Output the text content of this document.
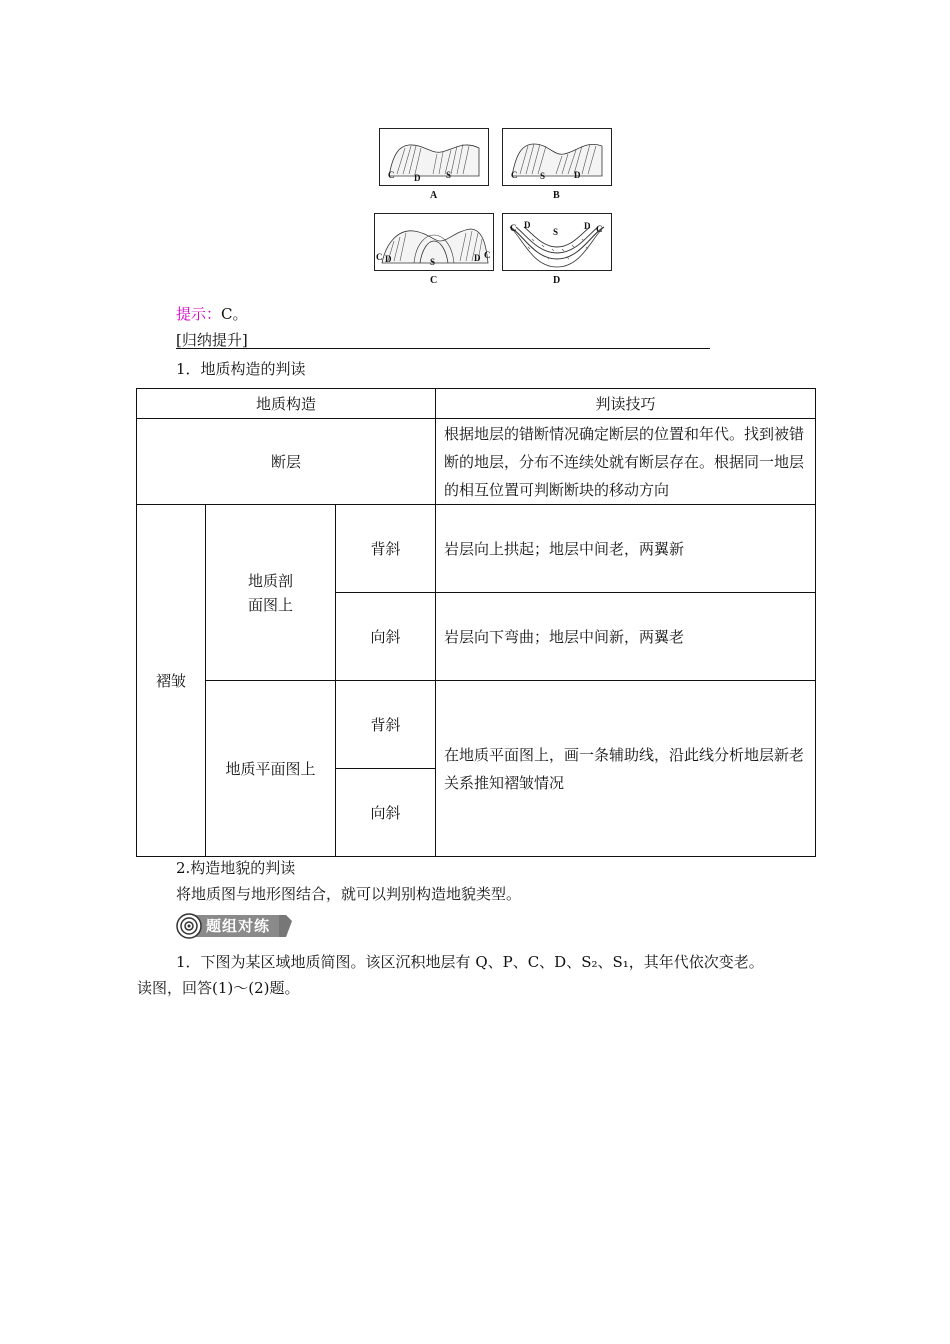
C D	S
A
C	S	D
B
C D	S	D C
C
C D
S
D C
D
提示：C。
[归纳提升]
1．地质构造的判读
地质构造			判读技巧
断层			根据地层的错断情况确定断层的位置和年代。找到被错断的地层，分布不连续处就有断层存在。根据同一地层的相互位置可判断断块的移动方向
褶皱	地质剖面图上	背斜	岩层向上拱起；地层中间老，两翼新
		向斜	岩层向下弯曲；地层中间新，两翼老
	地质平面图上	背斜	在地质平面图上，画一条辅助线，沿此线分析地层新老关系推知褶皱情况
		向斜	
2.构造地貌的判读
将地质图与地形图结合，就可以判别构造地貌类型。
题组对练
1．下图为某区域地质简图。该区沉积地层有 Q、P、C、D、S₂、S₁，其年代依次变老。
读图，回答(1)～(2)题。
